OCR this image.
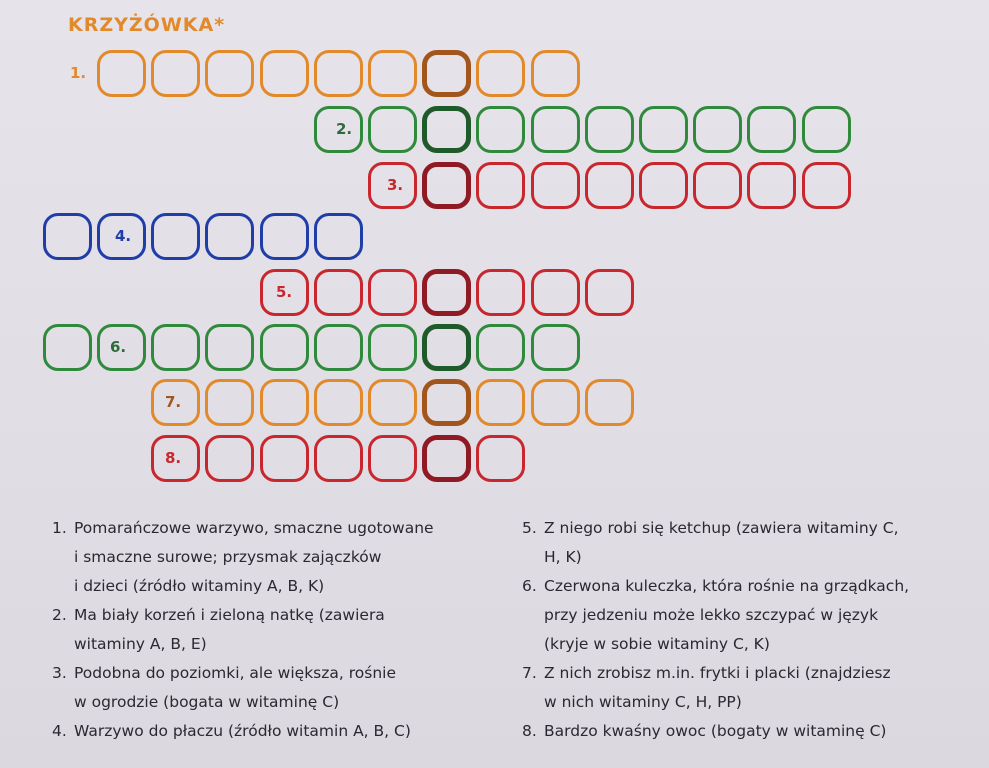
KRZYŻÓWKA*
1.
2.
3.
4.
5.
6.
7.
8.
1. Pomarańczowe warzywo, smaczne ugotowane
i smaczne surowe; przysmak zajączków
i dzieci (źródło witaminy A, B, K)
2. Ma biały korzeń i zieloną natkę (zawiera
witaminy A, B, E)
3. Podobna do poziomki, ale większa, rośnie
w ogrodzie (bogata w witaminę C)
4. Warzywo do płaczu (źródło witamin A, B, C)
5. Z niego robi się ketchup (zawiera witaminy C,
H, K)
6. Czerwona kuleczka, która rośnie na grządkach,
przy jedzeniu może lekko szczypać w język
(kryje w sobie witaminy C, K)
7. Z nich zrobisz m.in. frytki i placki (znajdziesz
w nich witaminy C, H, PP)
8. Bardzo kwaśny owoc (bogaty w witaminę C)
